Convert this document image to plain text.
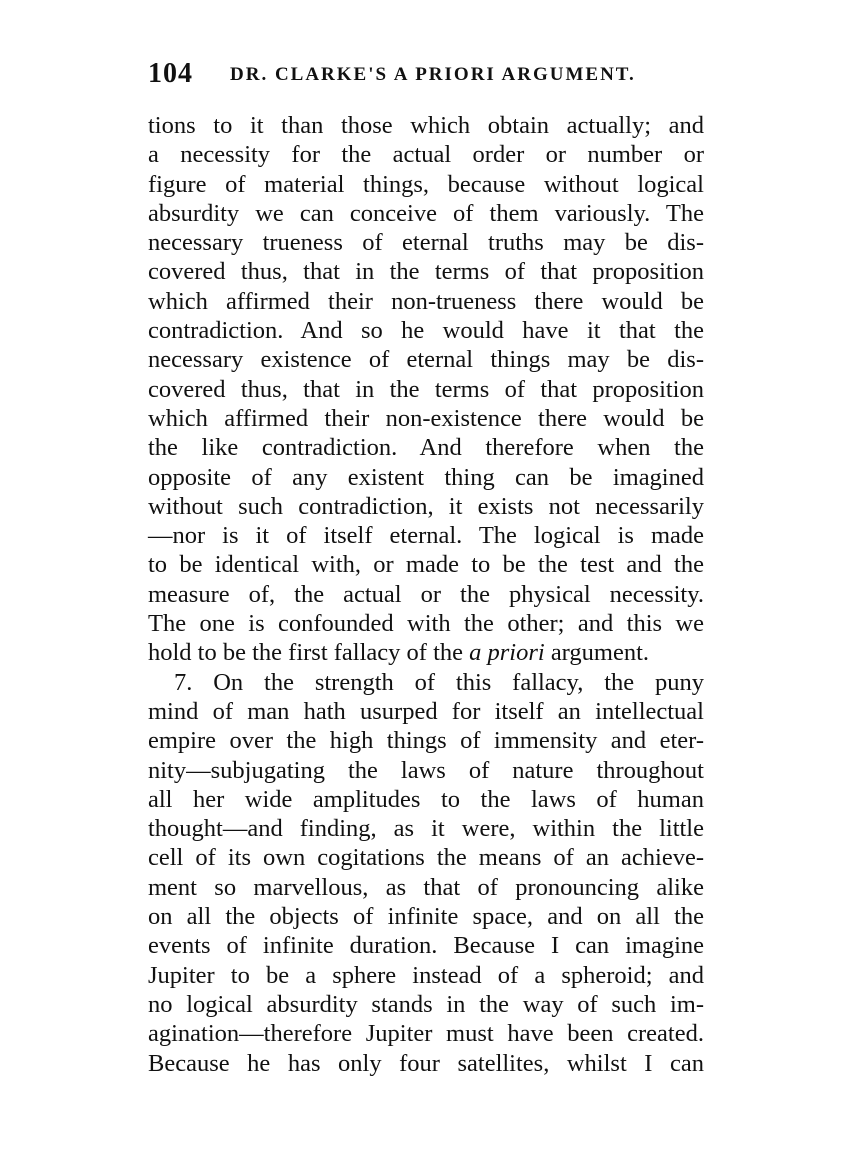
104 DR. CLARKE'S A PRIORI ARGUMENT.
tions to it than those which obtain actually; and
a necessity for the actual order or number or
figure of material things, because without logical
absurdity we can conceive of them variously. The
necessary trueness of eternal truths may be dis-
covered thus, that in the terms of that proposition
which affirmed their non-trueness there would be
contradiction. And so he would have it that the
necessary existence of eternal things may be dis-
covered thus, that in the terms of that proposition
which affirmed their non-existence there would be
the like contradiction. And therefore when the
opposite of any existent thing can be imagined
without such contradiction, it exists not necessarily
—nor is it of itself eternal. The logical is made
to be identical with, or made to be the test and the
measure of, the actual or the physical necessity.
The one is confounded with the other; and this we
hold to be the first fallacy of the a priori argument.
7. On the strength of this fallacy, the puny
mind of man hath usurped for itself an intellectual
empire over the high things of immensity and eter-
nity—subjugating the laws of nature throughout
all her wide amplitudes to the laws of human
thought—and finding, as it were, within the little
cell of its own cogitations the means of an achieve-
ment so marvellous, as that of pronouncing alike
on all the objects of infinite space, and on all the
events of infinite duration. Because I can imagine
Jupiter to be a sphere instead of a spheroid; and
no logical absurdity stands in the way of such im-
agination—therefore Jupiter must have been created.
Because he has only four satellites, whilst I can
